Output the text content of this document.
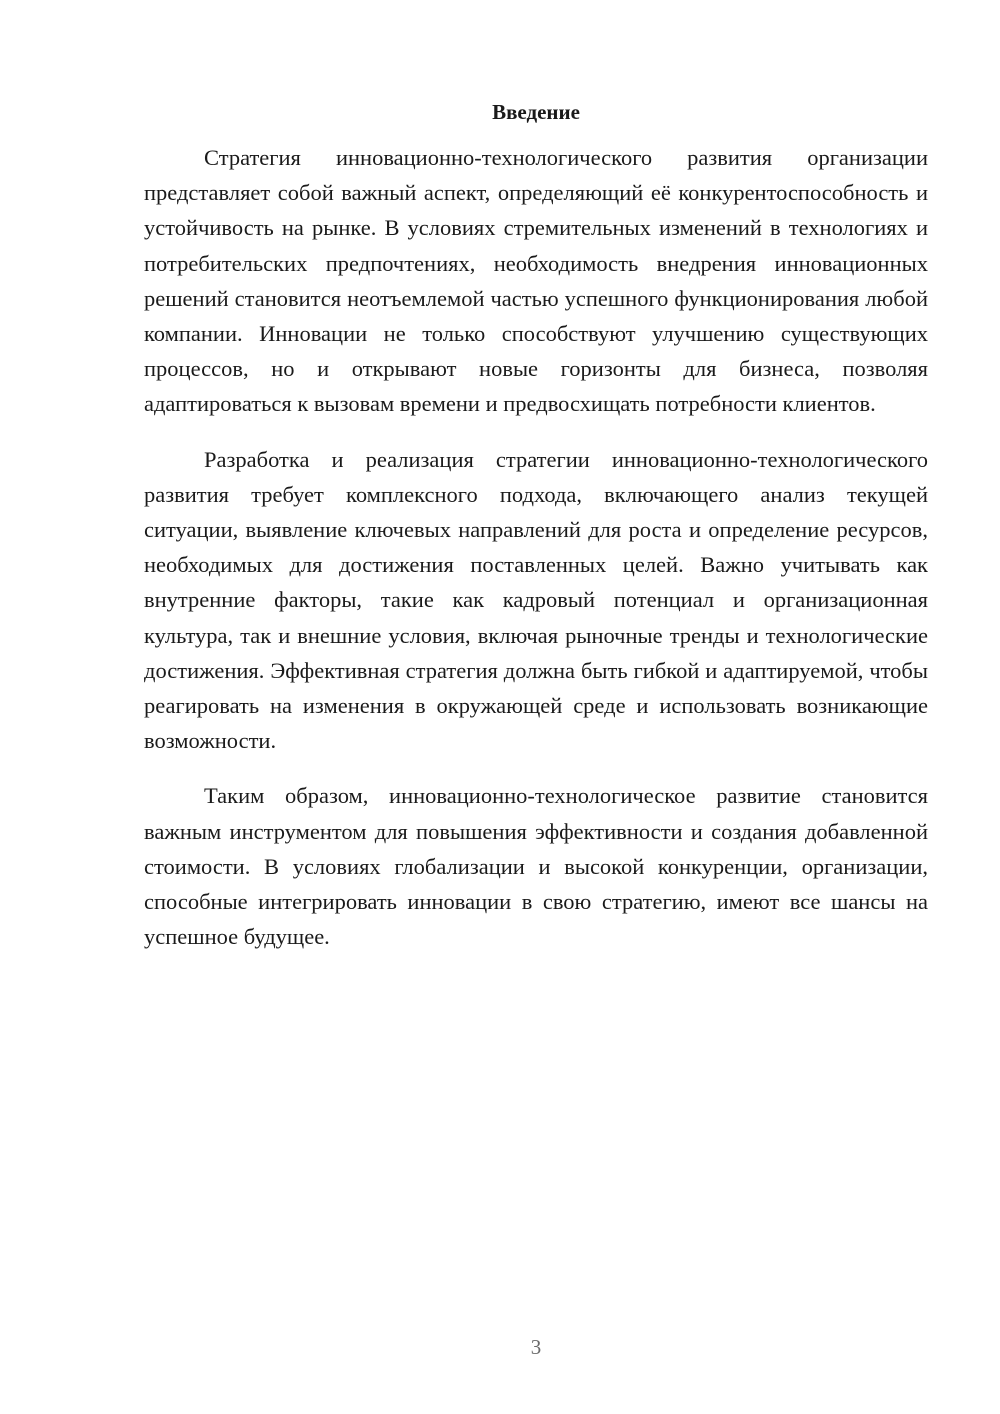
Введение

Стратегия инновационно-технологического развития организации представляет собой важный аспект, определяющий её конкурентоспособность и устойчивость на рынке. В условиях стремительных изменений в технологиях и потребительских предпочтениях, необходимость внедрения инновационных решений становится неотъемлемой частью успешного функционирования любой компании. Инновации не только способствуют улучшению существующих процессов, но и открывают новые горизонты для бизнеса, позволяя адаптироваться к вызовам времени и предвосхищать потребности клиентов.

Разработка и реализация стратегии инновационно-технологического развития требует комплексного подхода, включающего анализ текущей ситуации, выявление ключевых направлений для роста и определение ресурсов, необходимых для достижения поставленных целей. Важно учитывать как внутренние факторы, такие как кадровый потенциал и организационная культура, так и внешние условия, включая рыночные тренды и технологические достижения. Эффективная стратегия должна быть гибкой и адаптируемой, чтобы реагировать на изменения в окружающей среде и использовать возникающие возможности.

Таким образом, инновационно-технологическое развитие становится важным инструментом для повышения эффективности и создания добавленной стоимости. В условиях глобализации и высокой конкуренции, организации, способные интегрировать инновации в свою стратегию, имеют все шансы на успешное будущее.

3
